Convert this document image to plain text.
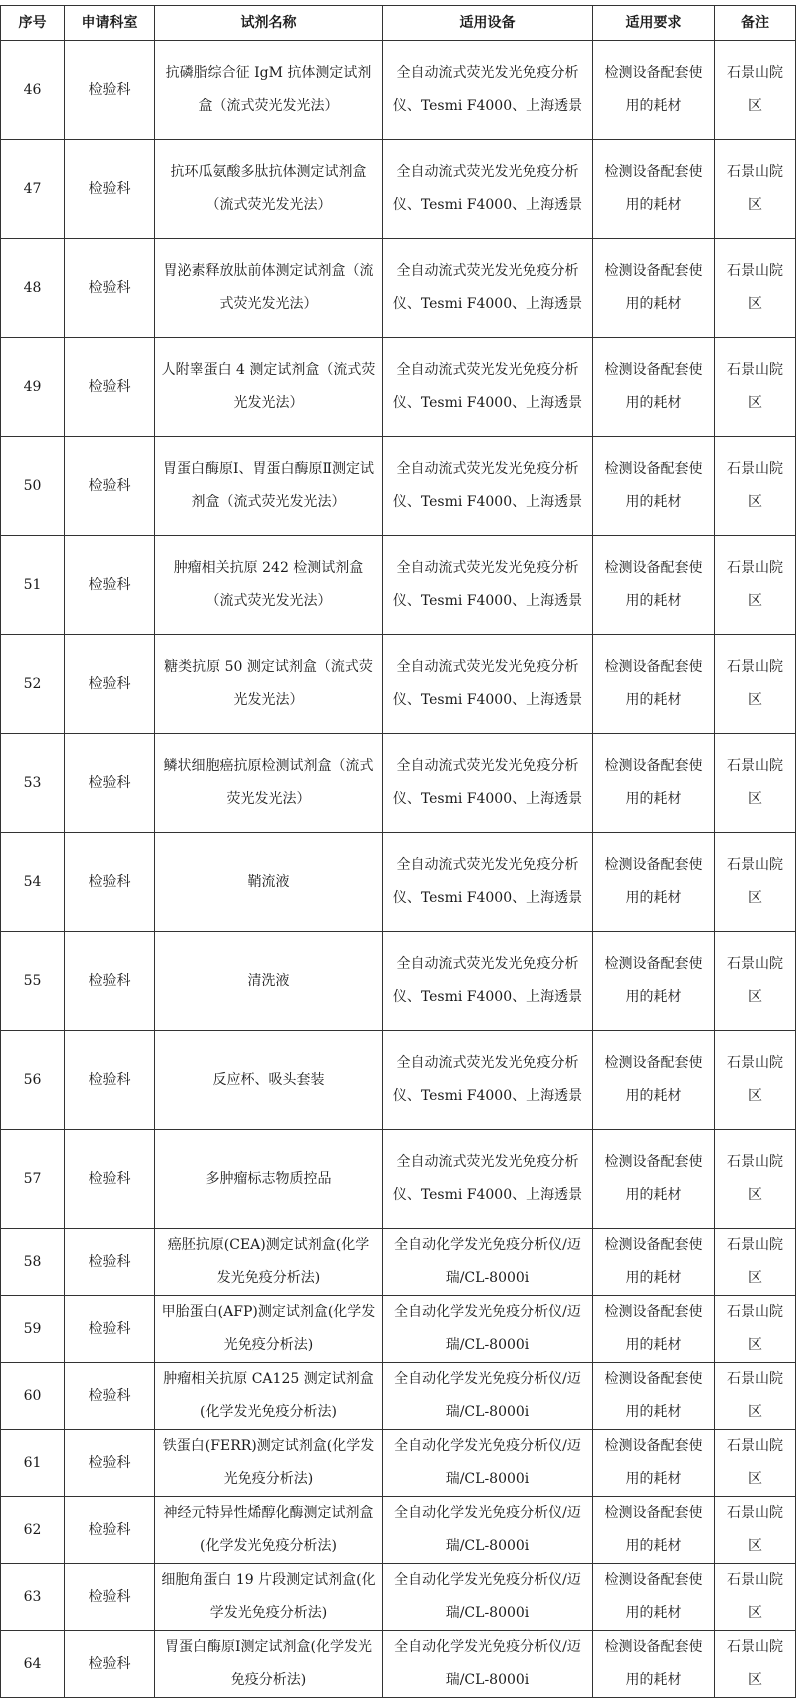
序号	申请科室	试剂名称	适用设备	适用要求	备注
46	检验科	抗磷脂综合征 IgM 抗体测定试剂盒（流式荧光发光法）	全自动流式荧光发光免疫分析仪、Tesmi F4000、上海透景	检测设备配套使用的耗材	石景山院区
47	检验科	抗环瓜氨酸多肽抗体测定试剂盒（流式荧光发光法）	全自动流式荧光发光免疫分析仪、Tesmi F4000、上海透景	检测设备配套使用的耗材	石景山院区
48	检验科	胃泌素释放肽前体测定试剂盒（流式荧光发光法）	全自动流式荧光发光免疫分析仪、Tesmi F4000、上海透景	检测设备配套使用的耗材	石景山院区
49	检验科	人附睾蛋白 4 测定试剂盒（流式荧光发光法）	全自动流式荧光发光免疫分析仪、Tesmi F4000、上海透景	检测设备配套使用的耗材	石景山院区
50	检验科	胃蛋白酶原Ⅰ、胃蛋白酶原Ⅱ测定试剂盒（流式荧光发光法）	全自动流式荧光发光免疫分析仪、Tesmi F4000、上海透景	检测设备配套使用的耗材	石景山院区
51	检验科	肿瘤相关抗原 242 检测试剂盒（流式荧光发光法）	全自动流式荧光发光免疫分析仪、Tesmi F4000、上海透景	检测设备配套使用的耗材	石景山院区
52	检验科	糖类抗原 50 测定试剂盒（流式荧光发光法）	全自动流式荧光发光免疫分析仪、Tesmi F4000、上海透景	检测设备配套使用的耗材	石景山院区
53	检验科	鳞状细胞癌抗原检测试剂盒（流式荧光发光法）	全自动流式荧光发光免疫分析仪、Tesmi F4000、上海透景	检测设备配套使用的耗材	石景山院区
54	检验科	鞘流液	全自动流式荧光发光免疫分析仪、Tesmi F4000、上海透景	检测设备配套使用的耗材	石景山院区
55	检验科	清洗液	全自动流式荧光发光免疫分析仪、Tesmi F4000、上海透景	检测设备配套使用的耗材	石景山院区
56	检验科	反应杯、吸头套装	全自动流式荧光发光免疫分析仪、Tesmi F4000、上海透景	检测设备配套使用的耗材	石景山院区
57	检验科	多肿瘤标志物质控品	全自动流式荧光发光免疫分析仪、Tesmi F4000、上海透景	检测设备配套使用的耗材	石景山院区
58	检验科	癌胚抗原(CEA)测定试剂盒(化学发光免疫分析法)	全自动化学发光免疫分析仪/迈瑞/CL-8000i	检测设备配套使用的耗材	石景山院区
59	检验科	甲胎蛋白(AFP)测定试剂盒(化学发光免疫分析法)	全自动化学发光免疫分析仪/迈瑞/CL-8000i	检测设备配套使用的耗材	石景山院区
60	检验科	肿瘤相关抗原 CA125 测定试剂盒(化学发光免疫分析法)	全自动化学发光免疫分析仪/迈瑞/CL-8000i	检测设备配套使用的耗材	石景山院区
61	检验科	铁蛋白(FERR)测定试剂盒(化学发光免疫分析法)	全自动化学发光免疫分析仪/迈瑞/CL-8000i	检测设备配套使用的耗材	石景山院区
62	检验科	神经元特异性烯醇化酶测定试剂盒(化学发光免疫分析法)	全自动化学发光免疫分析仪/迈瑞/CL-8000i	检测设备配套使用的耗材	石景山院区
63	检验科	细胞角蛋白 19 片段测定试剂盒(化学发光免疫分析法)	全自动化学发光免疫分析仪/迈瑞/CL-8000i	检测设备配套使用的耗材	石景山院区
64	检验科	胃蛋白酶原Ⅰ测定试剂盒(化学发光免疫分析法)	全自动化学发光免疫分析仪/迈瑞/CL-8000i	检测设备配套使用的耗材	石景山院区
